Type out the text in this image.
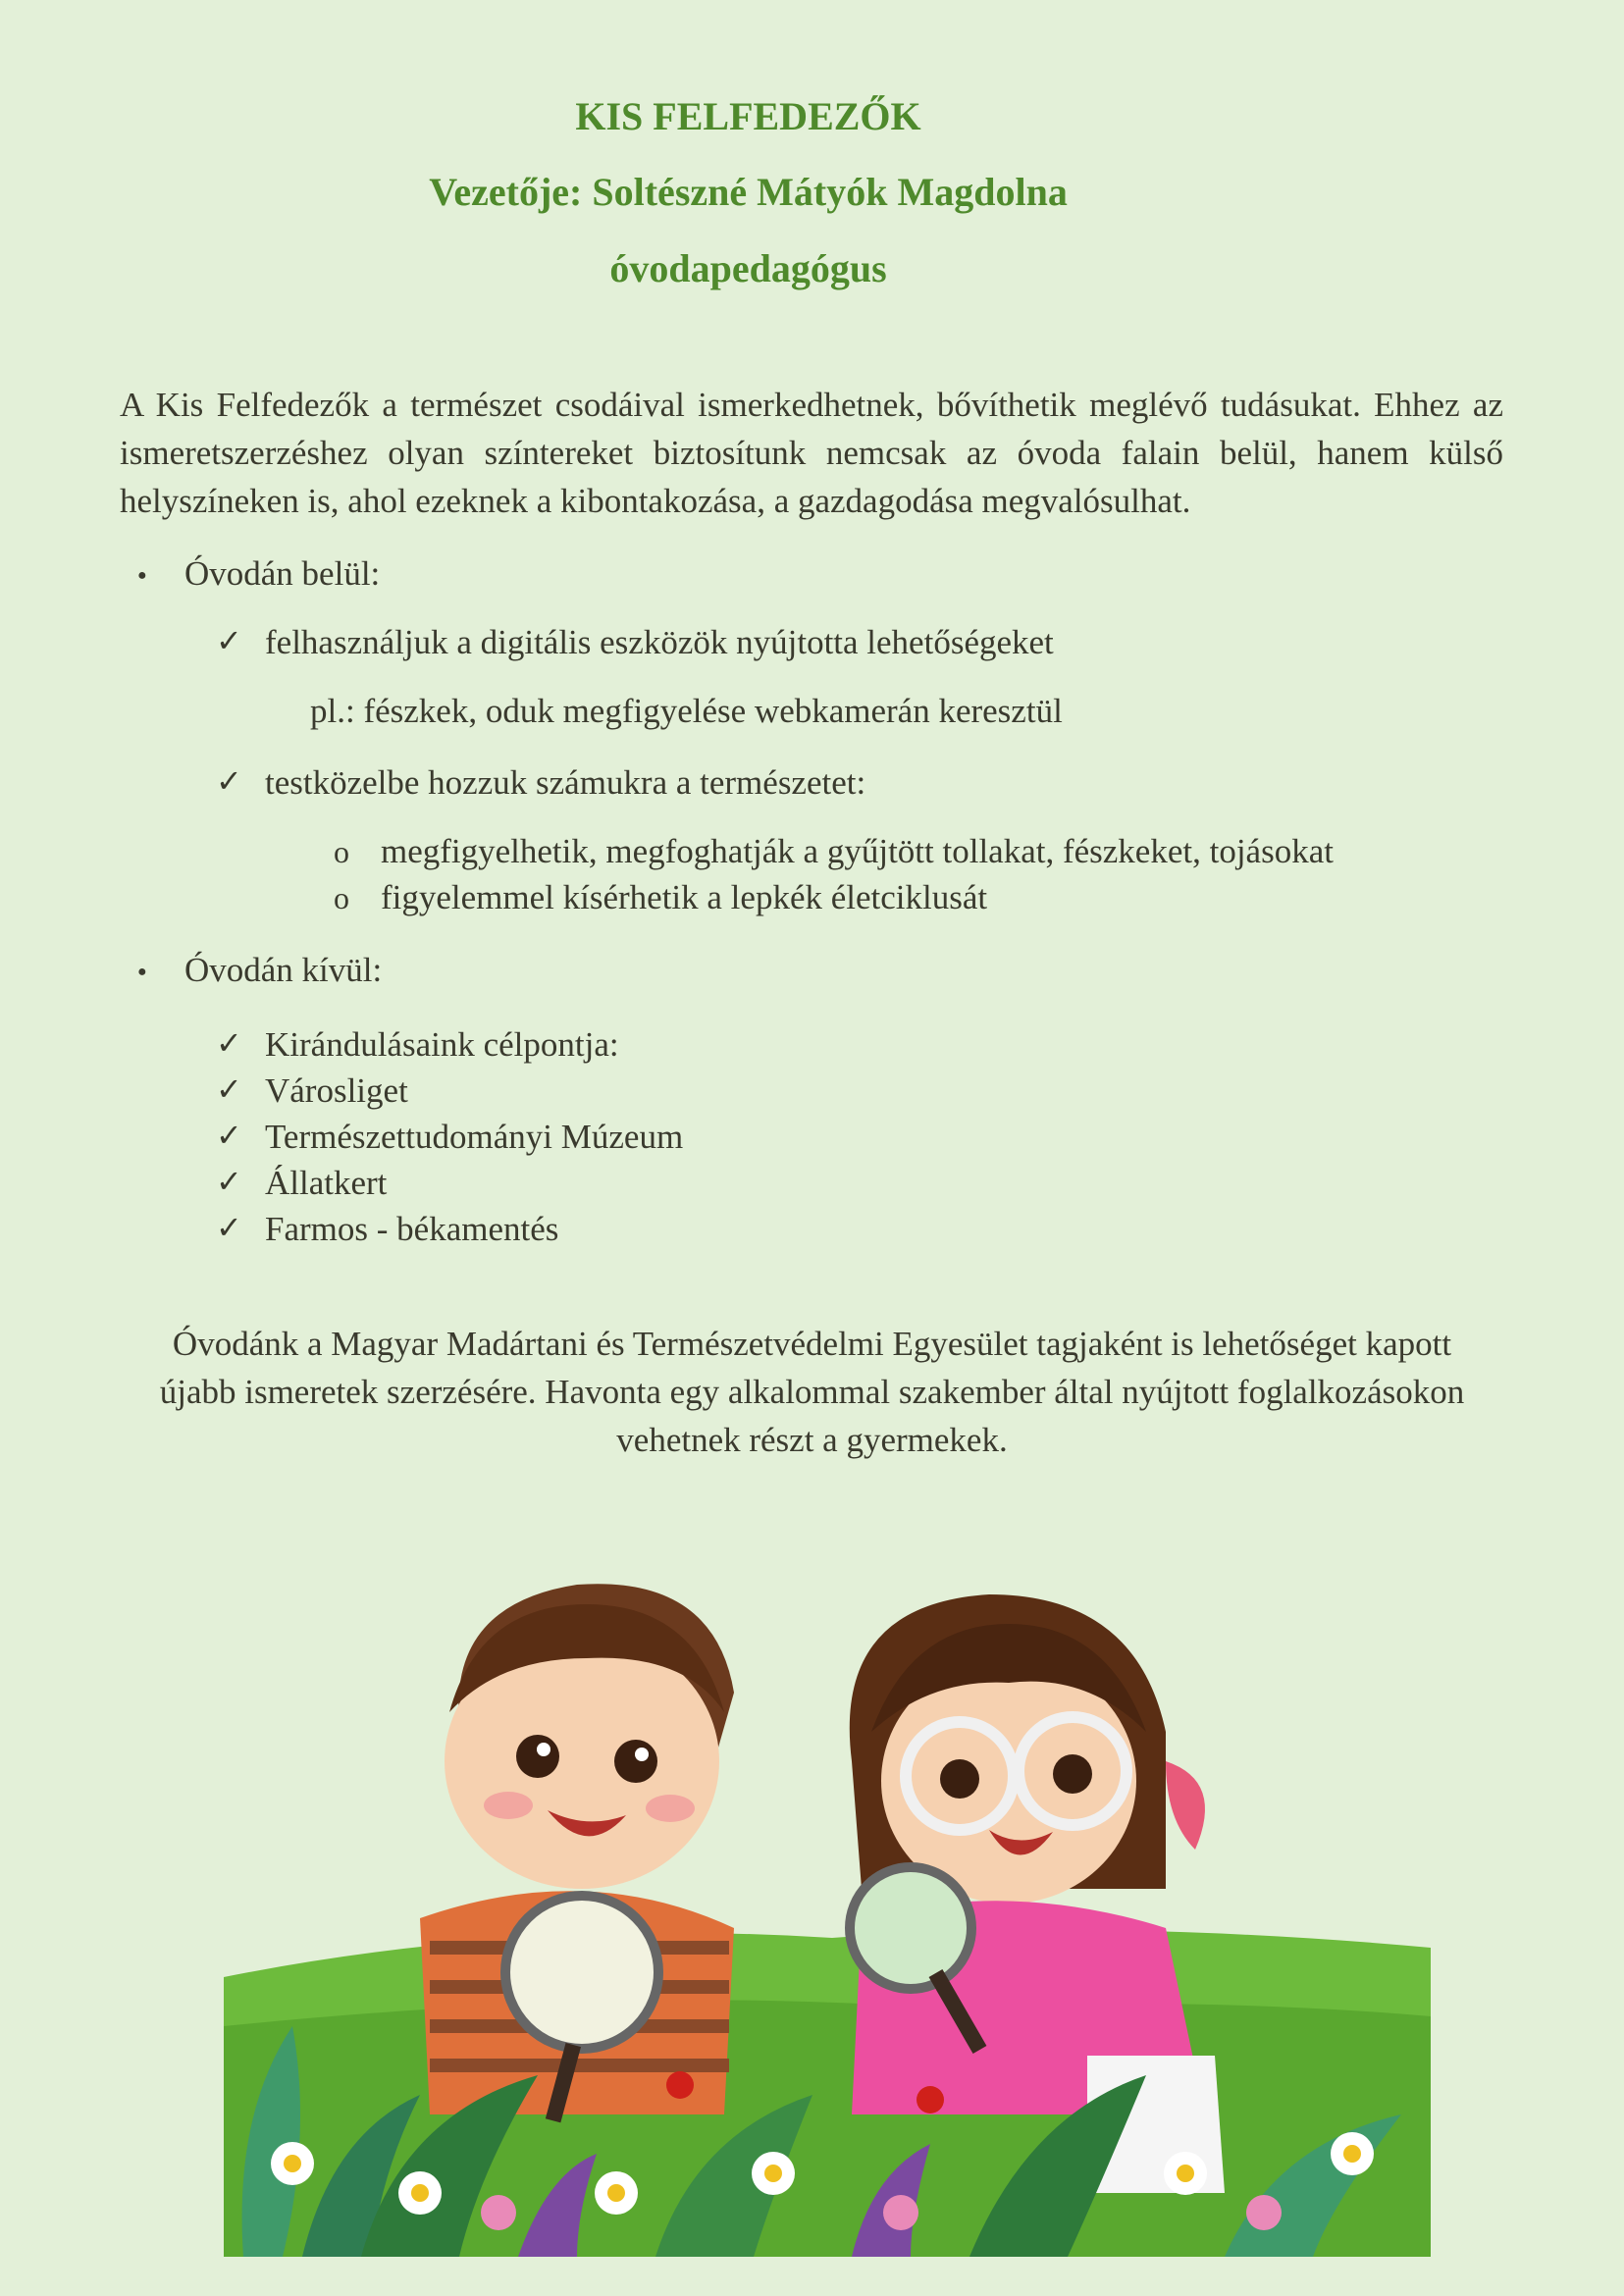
KIS FELFEDEZŐK
Vezetője: Soltészné Mátyók Magdolna
óvodapedagógus

A Kis Felfedezők a természet csodáival ismerkedhetnek, bővíthetik meglévő tudásukat. Ehhez az ismeretszerzéshez olyan színtereket biztosítunk nemcsak az óvoda falain belül, hanem külső helyszíneken is, ahol ezeknek a kibontakozása, a gazdagodása megvalósulhat.

● Óvodán belül:
✓ felhasználjuk a digitális eszközök nyújtotta lehetőségeket
pl.: fészkek, oduk megfigyelése webkamerán keresztül
✓ testközelbe hozzuk számukra a természetet:
o megfigyelhetik, megfoghatják a gyűjtött tollakat, fészkeket, tojásokat
o figyelemmel kísérhetik a lepkék életciklusát
● Óvodán kívül:
✓ Kirándulásaink célpontja:
✓ Városliget
✓ Természettudományi Múzeum
✓ Állatkert
✓ Farmos - békamentés

Óvodánk a Magyar Madártani és Természetvédelmi Egyesület tagjaként is lehetőséget kapott újabb ismeretek szerzésére. Havonta egy alkalommal szakember által nyújtott foglalkozásokon vehetnek részt a gyermekek.
